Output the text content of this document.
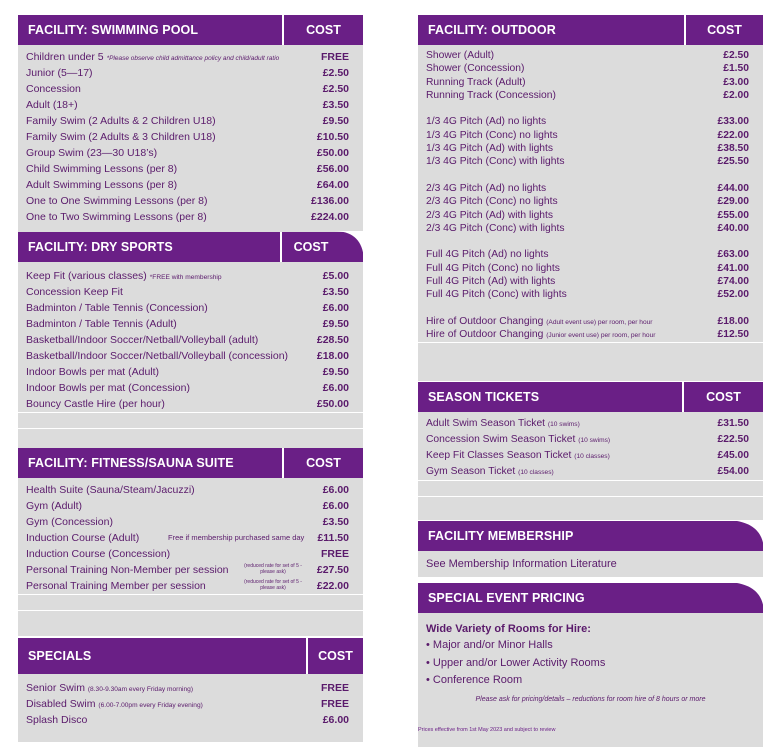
FACILITY: SWIMMING POOL	COST
Children under 5 *Please observe child admittance policy and child/adult ratio	FREE
Junior (5—17)	£2.50
Concession	£2.50
Adult (18+)	£3.50
Family Swim (2 Adults & 2 Children U18)	£9.50
Family Swim (2 Adults & 3 Children U18)	£10.50
Group Swim (23—30 U18’s)	£50.00
Child Swimming Lessons (per 8)	£56.00
Adult Swimming Lessons (per 8)	£64.00
One to One Swimming Lessons (per 8)	£136.00
One to Two Swimming Lessons (per 8)	£224.00
FACILITY: DRY SPORTS	COST
Keep Fit (various classes) *FREE with membership	£5.00
Concession Keep Fit	£3.50
Badminton / Table Tennis (Concession)	£6.00
Badminton / Table Tennis (Adult)	£9.50
Basketball/Indoor Soccer/Netball/Volleyball (adult)	£28.50
Basketball/Indoor Soccer/Netball/Volleyball (concession)	£18.00
Indoor Bowls per mat (Adult)	£9.50
Indoor Bowls per mat (Concession)	£6.00
Bouncy Castle Hire (per hour)	£50.00
FACILITY: FITNESS/SAUNA SUITE	COST
Health Suite (Sauna/Steam/Jacuzzi)	£6.00
Gym (Adult)	£6.00
Gym (Concession)	£3.50
Induction Course (Adult)	Free if membership purchased same day £11.50
Induction Course (Concession)	FREE
Personal Training Non-Member per session	(reduced rate for set of 5 - please ask)	£27.50
Personal Training Member per session	(reduced rate for set of 5 - please ask)	£22.00
SPECIALS	COST
Senior Swim (8.30-9.30am every Friday morning)	FREE
Disabled Swim (6.00-7.00pm every Friday evening)	FREE
Splash Disco	£6.00
FACILITY: OUTDOOR	COST
Shower (Adult)	£2.50
Shower (Concession)	£1.50
Running Track (Adult)	£3.00
Running Track (Concession)	£2.00
1/3 4G Pitch (Ad) no lights	£33.00
1/3 4G Pitch (Conc) no lights	£22.00
1/3 4G Pitch (Ad) with lights	£38.50
1/3 4G Pitch (Conc) with lights	£25.50
2/3 4G Pitch (Ad) no lights	£44.00
2/3 4G Pitch (Conc) no lights	£29.00
2/3 4G Pitch (Ad) with lights	£55.00
2/3 4G Pitch (Conc) with lights	£40.00
Full 4G Pitch (Ad) no lights	£63.00
Full 4G Pitch (Conc) no lights	£41.00
Full 4G Pitch (Ad) with lights	£74.00
Full 4G Pitch (Conc) with lights	£52.00
Hire of Outdoor Changing (Adult event use) per room, per hour	£18.00
Hire of Outdoor Changing (Junior event use) per room, per hour	£12.50
SEASON TICKETS	COST
Adult Swim Season Ticket (10 swims)	£31.50
Concession Swim Season Ticket (10 swims)	£22.50
Keep Fit Classes Season Ticket (10 classes)	£45.00
Gym Season Ticket (10 classes)	£54.00
FACILITY MEMBERSHIP
See Membership Information Literature
SPECIAL EVENT PRICING
Wide Variety of Rooms for Hire:
• Major and/or Minor Halls
• Upper and/or Lower Activity Rooms
• Conference Room
Please ask for pricing/details – reductions for room hire of 8 hours or more
Prices effective from 1st May 2023 and subject to review
